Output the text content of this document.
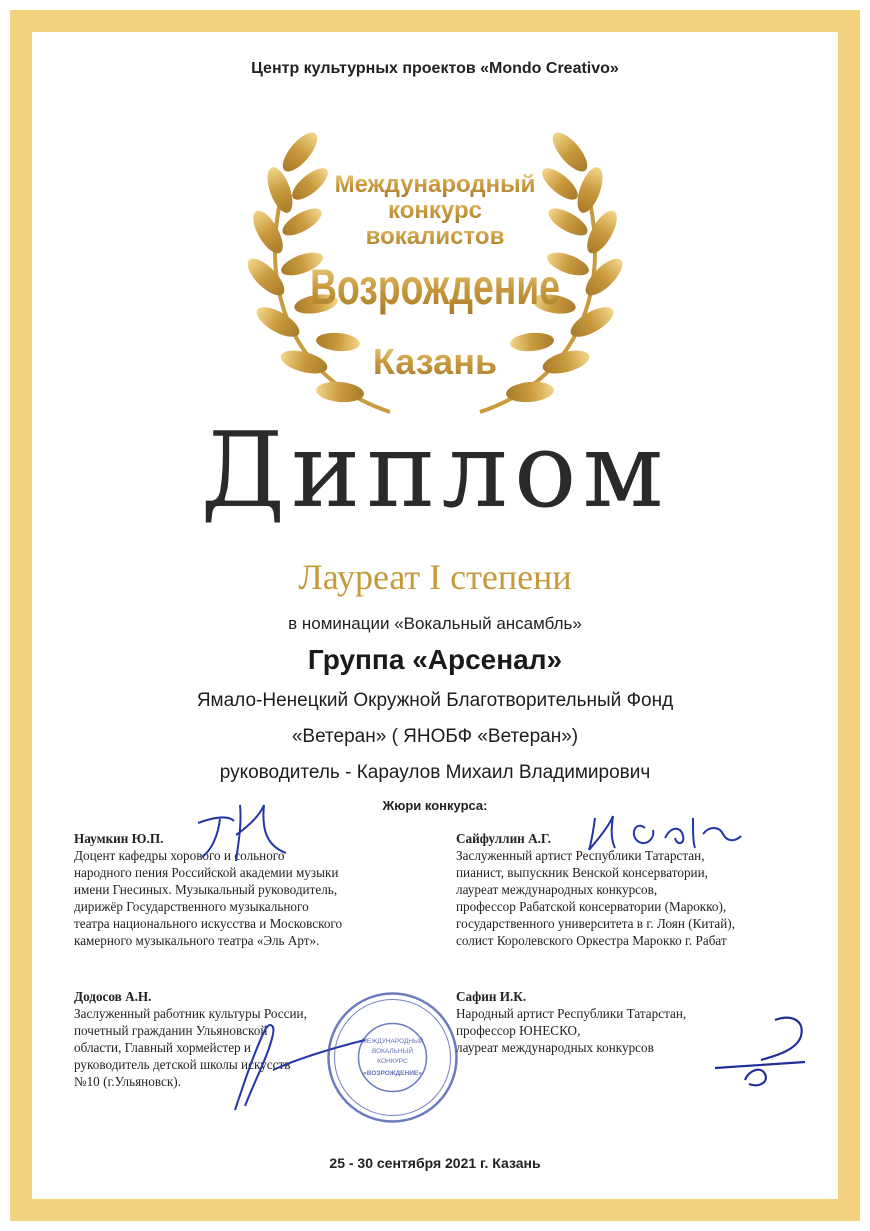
Центр культурных проектов «Mondo Creativo»
Международный
конкурс
вокалистов
Возрождение
Казань
Диплом
Лауреат I степени
в номинации «Вокальный ансамбль»
Группа «Арсенал»
Ямало-Ненецкий Окружной Благотворительный Фонд
«Ветеран» ( ЯНОБФ «Ветеран»)
руководитель - Караулов Михаил Владимирович
Жюри конкурса:
Наумкин Ю.П.
Доцент кафедры хорового и сольного
народного пения Российской академии музыки
имени Гнесиных. Музыкальный руководитель,
дирижёр Государственного музыкального
театра национального искусства и Московского
камерного музыкального театра «Эль Арт».
Сайфуллин А.Г.
Заслуженный артист Республики Татарстан,
пианист, выпускник Венской консерватории,
лауреат международных конкурсов,
профессор Рабатской консерватории (Марокко),
государственного университета в г. Лоян (Китай),
солист Королевского Оркестра Марокко г. Рабат
Додосов А.Н.
Заслуженный работник культуры России,
почетный гражданин Ульяновской
области, Главный хормейстер и
руководитель детской школы искусств
№10 (г.Ульяновск).
Сафин И.К.
Народный артист Республики Татарстан,
профессор ЮНЕСКО,
лауреат международных конкурсов
МЕЖДУНАРОДНЫЙ
ВОКАЛЬНЫЙ
КОНКУРС
«ВОЗРОЖДЕНИЕ»
25 - 30 сентября 2021 г. Казань
